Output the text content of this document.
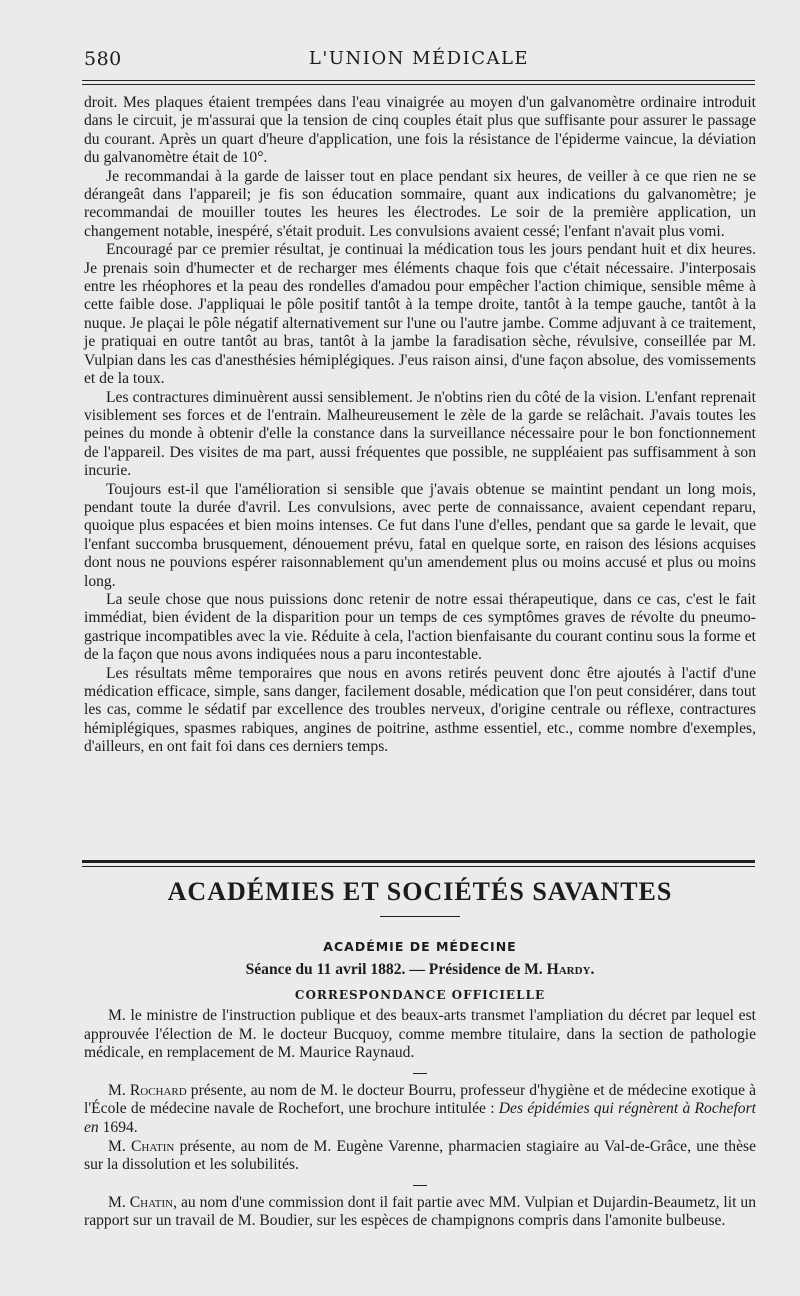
580	L'UNION MÉDICALE

droit. Mes plaques étaient trempées dans l'eau vinaigrée au moyen d'un galvanomètre ordinaire introduit dans le circuit, je m'assurai que la tension de cinq couples était plus que suffisante pour assurer le passage du courant. Après un quart d'heure d'application, une fois la résistance de l'épiderme vaincue, la déviation du galvanomètre était de 10°.

Je recommandai à la garde de laisser tout en place pendant six heures, de veiller à ce que rien ne se dérangeât dans l'appareil; je fis son éducation sommaire, quant aux indications du galvanomètre; je recommandai de mouiller toutes les heures les électrodes. Le soir de la première application, un changement notable, inespéré, s'était produit. Les convulsions avaient cessé; l'enfant n'avait plus vomi.

Encouragé par ce premier résultat, je continuai la médication tous les jours pendant huit et dix heures. Je prenais soin d'humecter et de recharger mes éléments chaque fois que c'était nécessaire. J'interposais entre les rhéophores et la peau des rondelles d'amadou pour empêcher l'action chimique, sensible même à cette faible dose. J'appliquai le pôle positif tantôt à la tempe droite, tantôt à la tempe gauche, tantôt à la nuque. Je plaçai le pôle négatif alternativement sur l'une ou l'autre jambe. Comme adjuvant à ce traitement, je pratiquai en outre tantôt au bras, tantôt à la jambe la faradisation sèche, révulsive, conseillée par M. Vulpian dans les cas d'anesthésies hémiplégiques. J'eus raison ainsi, d'une façon absolue, des vomissements et de la toux.

Les contractures diminuèrent aussi sensiblement. Je n'obtins rien du côté de la vision. L'enfant reprenait visiblement ses forces et de l'entrain. Malheureusement le zèle de la garde se relâchait. J'avais toutes les peines du monde à obtenir d'elle la constance dans la surveillance nécessaire pour le bon fonctionnement de l'appareil. Des visites de ma part, aussi fréquentes que possible, ne suppléaient pas suffisamment à son incurie.

Toujours est-il que l'amélioration si sensible que j'avais obtenue se maintint pendant un long mois, pendant toute la durée d'avril. Les convulsions, avec perte de connaissance, avaient cependant reparu, quoique plus espacées et bien moins intenses. Ce fut dans l'une d'elles, pendant que sa garde le levait, que l'enfant succomba brusquement, dénouement prévu, fatal en quelque sorte, en raison des lésions acquises dont nous ne pouvions espérer raisonnablement qu'un amendement plus ou moins accusé et plus ou moins long.

La seule chose que nous puissions donc retenir de notre essai thérapeutique, dans ce cas, c'est le fait immédiat, bien évident de la disparition pour un temps de ces symptômes graves de révolte du pneumo-gastrique incompatibles avec la vie. Réduite à cela, l'action bienfaisante du courant continu sous la forme et de la façon que nous avons indiquées nous a paru incontestable.

Les résultats même temporaires que nous en avons retirés peuvent donc être ajoutés à l'actif d'une médication efficace, simple, sans danger, facilement dosable, médication que l'on peut considérer, dans tout les cas, comme le sédatif par excellence des troubles nerveux, d'origine centrale ou réflexe, contractures hémiplégiques, spasmes rabiques, angines de poitrine, asthme essentiel, etc., comme nombre d'exemples, d'ailleurs, en ont fait foi dans ces derniers temps.

ACADÉMIES ET SOCIÉTÉS SAVANTES
ACADÉMIE DE MÉDECINE
Séance du 11 avril 1882. — Présidence de M. Hardy.
CORRESPONDANCE OFFICIELLE

M. le ministre de l'instruction publique et des beaux-arts transmet l'ampliation du décret par lequel est approuvée l'élection de M. le docteur Bucquoy, comme membre titulaire, dans la section de pathologie médicale, en remplacement de M. Maurice Raynaud.

M. Rochard présente, au nom de M. le docteur Bourru, professeur d'hygiène et de médecine exotique à l'École de médecine navale de Rochefort, une brochure intitulée : Des épidémies qui régnèrent à Rochefort en 1694.

M. Chatin présente, au nom de M. Eugène Varenne, pharmacien stagiaire au Val-de-Grâce, une thèse sur la dissolution et les solubilités.

M. Chatin, au nom d'une commission dont il fait partie avec MM. Vulpian et Dujardin-Beaumetz, lit un rapport sur un travail de M. Boudier, sur les espèces de champignons compris dans l'amonite bulbeuse.
